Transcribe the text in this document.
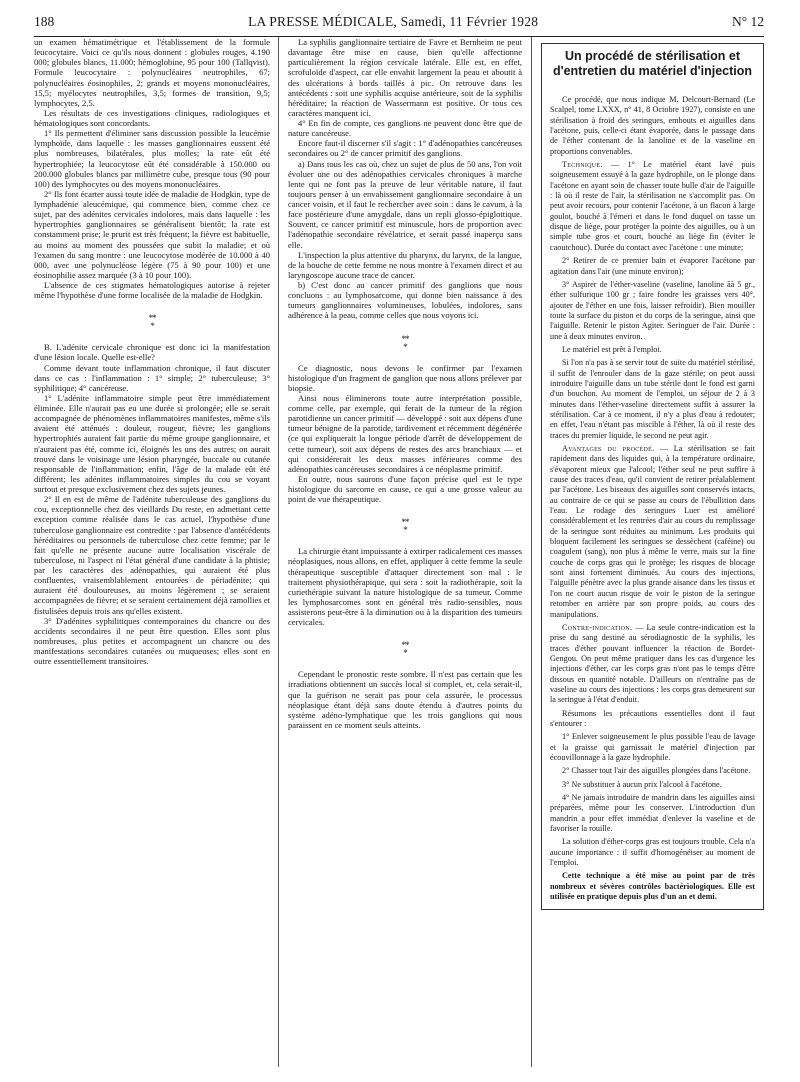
188	LA PRESSE MÉDICALE, Samedi, 11 Février 1928	N° 12

un examen hématimétrique et l'établissement de la formule leucocytaire. Voici ce qu'ils nous donnent : globules rouges, 4.190 000; globules blancs, 11.000; hémoglobine, 95 pour 100 (Tallqvist). Formule leucocytaire : polynucléaires neutrophiles, 67; polynucléaires éosinophiles, 2; grands et moyens mononucléaires, 15,5; myélocytes neutrophiles, 3,5; formes de transition, 9,5; lymphocytes, 2,5.

Les résultats de ces investigations cliniques, radiologiques et hématologiques sont concordants.

1° Ils permettent d'éliminer sans discussion possible la leucémie lymphoïde, dans laquelle : les masses ganglionnaires eussent été plus nombreuses, bilatérales, plus molles; la rate eût été hypertrophiée; la leucocytose eût été considérable à 150.000 ou 200.000 globules blancs par millimètre cube, presque tous (90 pour 100) des lymphocytes ou des moyens mononucléaires.

2° Ils font écarter aussi toute idée de maladie de Hodgkin, type de lymphadénie aleucémique, qui commence bien, comme chez ce sujet, par des adénites cervicales indolores, mais dans laquelle : les hypertrophies ganglionnaires se généralisent bientôt; la rate est constamment prise; le prurit est très fréquent; la fièvre est habituelle, au moins au moment des poussées que subit la maladie; et où l'examen du sang montre : une leucocytose modérée de 10.000 à 40 000, avec une polynucléose légère (75 à 90 pour 100) et une éosinophilie assez marquée (3 à 10 pour 100).

L'absence de ces stigmates hématologiques autorise à rejeter même l'hypothèse d'une forme localisée de la maladie de Hodgkin.

**
*

B. L'adénite cervicale chronique est donc ici la manifestation d'une lésion locale. Quelle est-elle?

Comme devant toute inflammation chronique, il faut discuter dans ce cas : l'inflammation : 1° simple; 2° tuberculeuse; 3° syphilitique; 4° cancéreuse.

1° L'adénite inflammatoire simple peut être immédiatement éliminée. Elle n'aurait pas eu une durée si prolongée; elle se serait accompagnée de phénomènes inflammatoires manifestes, même s'ils avaient été atténués : douleur, rougeur, fièvre; les ganglions hypertrophiés auraient fait partie du même groupe ganglionnaire, et n'auraient pas été, comme ici, éloignés les uns des autres; on aurait trouvé dans le voisinage une lésion pharyngée, buccale ou cutanée responsable de l'inflammation; enfin, l'âge de la malade eût été différent; les adénites inflammatoires simples du cou se voyant surtout et presque exclusivement chez des sujets jeunes.

2° Il en est de même de l'adénite tuberculeuse des ganglions du cou, exceptionnelle chez des vieillards Du reste, en admettant cette exception comme réalisée dans le cas actuel, l'hypothèse d'une tuberculose ganglionnaire est contredite : par l'absence d'antécédents héréditaires ou personnels de tuberculose chez cette femme; par le fait qu'elle ne présente aucune autre localisation viscérale de tuberculose, ni l'aspect ni l'état général d'une candidate à la phtisie; par les caractères des adénopathies, qui auraient été plus confluentes, vraisemblablement entourées de périadénite; qui auraient été douloureuses, au moins légèrement ; se seraient accompagnées de fièvre; et se seraient certainement déjà ramollies et fistulisées depuis trois ans qu'elles existent.

3° D'adénites syphilitiques contemporaines du chancre ou des accidents secondaires il ne peut être question. Elles sont plus nombreuses, plus petites et accompagnent un chancre ou des manifestations secondaires cutanées ou muqueuses; elles sont en outre essentiellement transitoires.

La syphilis ganglionnaire tertiaire de Favre et Bernheim ne peut davantage être mise en cause, bien qu'elle affectionne particulièrement la région cervicale latérale. Elle est, en effet, scrofuloïde d'aspect, car elle envahit largement la peau et aboutit à des ulcérations à bords taillés à pic. On retrouve dans les antécédents : soit une syphilis acquise antérieure, soit de la syphilis héréditaire; la réaction de Wassermann est positive. Or tous ces caractères manquent ici.

4° En fin de compte, ces ganglions ne peuvent donc être que de nature cancéreuse.

Encore faut-il discerner s'il s'agit : 1° d'adénopathies cancéreuses secondaires ou 2° de cancer primitif des ganglions.

a) Dans tous les cas où, chez un sujet de plus de 50 ans, l'on voit évoluer une ou des adénopathies cervicales chroniques à marche lente qui ne font pas la preuve de leur véritable nature, il faut toujours penser à un envahissement ganglionnaire secondaire à un cancer voisin, et il faut le rechercher avec soin : dans le cavum, à la face postérieure d'une amygdale, dans un repli glosso-épiglottique. Souvent, ce cancer primitif est minuscule, hors de proportion avec l'adénopathie secondaire révélatrice, et serait passé inaperçu sans elle.

L'inspection la plus attentive du pharynx, du larynx, de la langue, de la bouche de cette femme ne nous montre à l'examen direct et au laryngoscope aucune trace de cancer.

b) C'est donc au cancer primitif des ganglions que nous concluons : au lymphosarcome, qui donne bien naissance à des tumeurs ganglionnaires volumineuses, lobulées, indolores, sans adhérence à la peau, comme celles que nous voyons ici.

**
*

Ce diagnostic, nous devons le confirmer par l'examen histologique d'un fragment de ganglion que nous allons prélever par biopsie.

Ainsi nous éliminerons toute autre interprétation possible, comme celle, par exemple, qui ferait de la tumeur de la région parotidienne un cancer primitif — développé : soit aux dépens d'une tumeur bénigne de la parotide, tardivement et récemment dégénérée (ce qui expliquerait la longue période d'arrêt de développement de cette tumeur), soit aux dépens de restes des arcs branchiaux — et qui considérerait les deux masses inférieures comme des adénopathies cancéreuses secondaires à ce néoplasme primitif.

En outre, nous saurons d'une façon précise quel est le type histologique du sarcome en cause, ce qui a une grosse valeur au point de vue thérapeutique.

**
*

La chirurgie étant impuissante à extirper radicalement ces masses néoplasiques, nous allons, en effet, appliquer à cette femme la seule thérapeutique susceptible d'attaquer directement son mal : le traitement physiothérapique, qui sera : soit la radiothérapie, soit la curiethérapie suivant la nature histologique de sa tumeur. Comme les lymphosarcomes sont en général très radio-sensibles, nous assisterons peut-être à la diminution ou à la disparition des tumeurs cervicales.

**
*

Cependant le pronostic reste sombre. Il n'est pas certain que les irradiations obtiennent un succès local si complet, et, cela serait-il, que la guérison ne serait pas pour cela assurée, le processus néoplasique étant déjà sans doute étendu à d'autres points du système adéno-lymphatique que les trois ganglions qui nous paraissent en ce moment seuls atteints.

Un procédé de stérilisation et d'entretien du matériel d'injection

Ce procédé, que nous indique M. Delcourt-Bernard (Le Scalpel, tome LXXX, n° 41, 8 Octobre 1927), consiste en une stérilisation à froid des seringues, embouts et aiguilles dans l'acétone, puis, celle-ci étant évaporée, dans le passage dans de l'éther contenant de la lanoline et de la vaseline en proportions convenables.

Technique. — 1° Le matériel étant lavé puis soigneusement essuyé à la gaze hydrophile, on le plonge dans l'acétone en ayant soin de chasser toute bulle d'air de l'aiguille : là où il reste de l'air, la stérilisation ne s'accomplit pas. On peut avoir recours, pour contenir l'acétone, à un flacon à large goulot, bouché à l'émeri et dans le fond duquel on tasse un disque de liège, pour protéger la pointe des aiguilles, ou à un simple tube gros et court, bouché au liège fin (éviter le caoutchouc). Durée du contact avec l'acétone : une minute;

2° Retirer de ce premier bain et évaporer l'acétone par agitation dans l'air (une minute environ);

3° Aspirer de l'éther-vaseline (vaseline, lanoline ãã 5 gr., éther sulfurique 100 gr ; faire fondre les graisses vers 40°, ajouter de l'éther en une fois, laisser refroidir). Bien mouiller toute la surface du piston et du corps de la seringue, ainsi que l'aiguille. Retenir le piston Agiter. Seringuer de l'air. Durée : une à deux minutes environ.

Le matériel est prêt à l'emploi.

Si l'on n'a pas à se servir tout de suite du matériel stérilisé, il suffit de l'enrouler dans de la gaze stérile; on peut aussi introduire l'aiguille dans un tube stérile dont le fond est garni d'un bouchon. Au moment de l'emploi, un séjour de 2 à 3 minutes dans l'éther-vaseline directement suffit à assurer la stérilisation. Car à ce moment, il n'y a plus d'eau à redouter; en effet, l'eau n'étant pas miscible à l'éther, là où il reste des traces du premier liquide, le second ne peut agir.

Avantages du procédé. — La stérilisation se fait rapidement dans des liquides qui, à la température ordinaire, s'évaporent mieux que l'alcool; l'éther seul ne peut suffire à cause des traces d'eau, qu'il convient de retirer préalablement par l'acétone. Les biseaux des aiguilles sont conservés intacts, au contraire de ce qui se passe au cours de l'ébullition dans l'eau. Le rodage des seringues Luer est amélioré considérablement et les rentrées d'air au cours du remplissage de la seringue sont réduites au minimum. Les produits qui bloquent facilement les seringues se dessèchent (caféine) ou coagulent (sang), non plus à même le verre, mais sur la fine couche de corps gras qui le protège; les risques de blocage sont ainsi fortement diminués. Au cours des injections, l'aiguille pénètre avec la plus grande aisance dans les tissus et l'on ne court aucun risque de voir le piston de la seringue retomber en arrière par son propre poids, au cours des manipulations.

Contre-indication. — La seule contre-indication est la prise du sang destiné au sérodiagnostic de la syphilis, les traces d'éther pouvant influencer la réaction de Bordet-Gengou. On peut même pratiquer dans les cas d'urgence les injections d'éther, car les corps gras n'ont pas le temps d'être dissous en quantité notable. D'ailleurs on n'entraîne pas de vaseline au cours des injections : les corps gras demeurent sur la seringue à l'état d'enduit.

Résumons les précautions essentielles dont il faut s'entourer :

1° Enlever soigneusement le plus possible l'eau de lavage et la graisse qui garnissait le matériel d'injection par écouvillonnage à la gaze hydrophile.

2° Chasser tout l'air des aiguilles plongées dans l'acétone.

3° Ne substituer à aucun prix l'alcool à l'acétone.

4° Ne jamais introduire de mandrin dans les aiguilles ainsi préparées, même pour les conserver. L'introduction d'un mandrin a pour effet immédiat d'enlever la vaseline et de favoriser la rouille.

La solution d'éther-corps gras est toujours trouble. Cela n'a aucune importance : il suffit d'homogénéiser au moment de l'emploi.

Cette technique a été mise au point par de très nombreux et sévères contrôles bactériologiques. Elle est utilisée en pratique depuis plus d'un an et demi.
